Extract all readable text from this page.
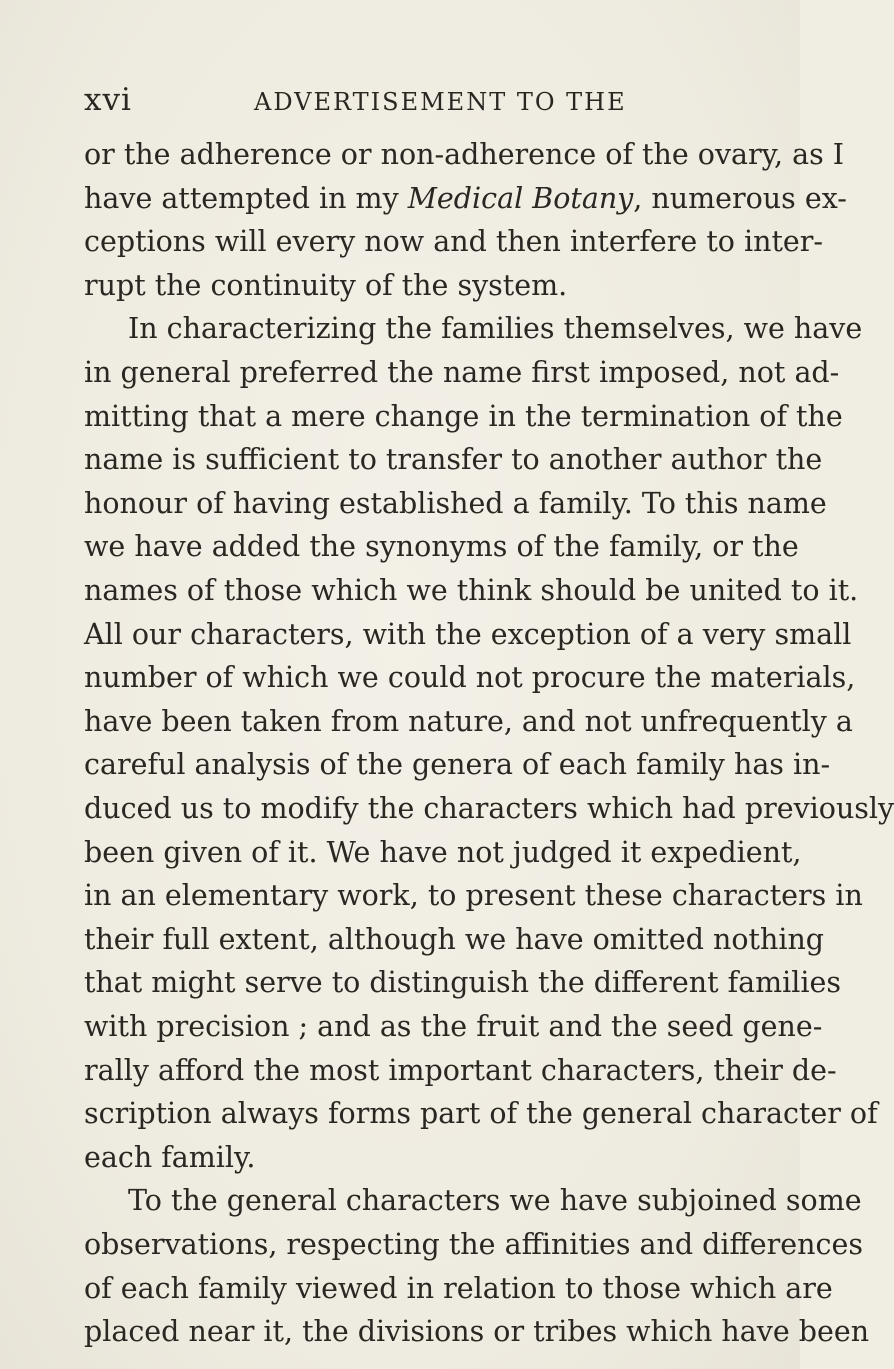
xvi	ADVERTISEMENT TO THE
or the adherence or non-adherence of the ovary, as I
have attempted in my Medical Botany, numerous ex-
ceptions will every now and then interfere to inter-
rupt the continuity of the system.
In characterizing the families themselves, we have
in general preferred the name first imposed, not ad-
mitting that a mere change in the termination of the
name is sufficient to transfer to another author the
honour of having established a family. To this name
we have added the synonyms of the family, or the
names of those which we think should be united to it.
All our characters, with the exception of a very small
number of which we could not procure the materials,
have been taken from nature, and not unfrequently a
careful analysis of the genera of each family has in-
duced us to modify the characters which had previously
been given of it. We have not judged it expedient,
in an elementary work, to present these characters in
their full extent, although we have omitted nothing
that might serve to distinguish the different families
with precision ; and as the fruit and the seed gene-
rally afford the most important characters, their de-
scription always forms part of the general character of
each family.
To the general characters we have subjoined some
observations, respecting the affinities and differences
of each family viewed in relation to those which are
placed near it, the divisions or tribes which have been
